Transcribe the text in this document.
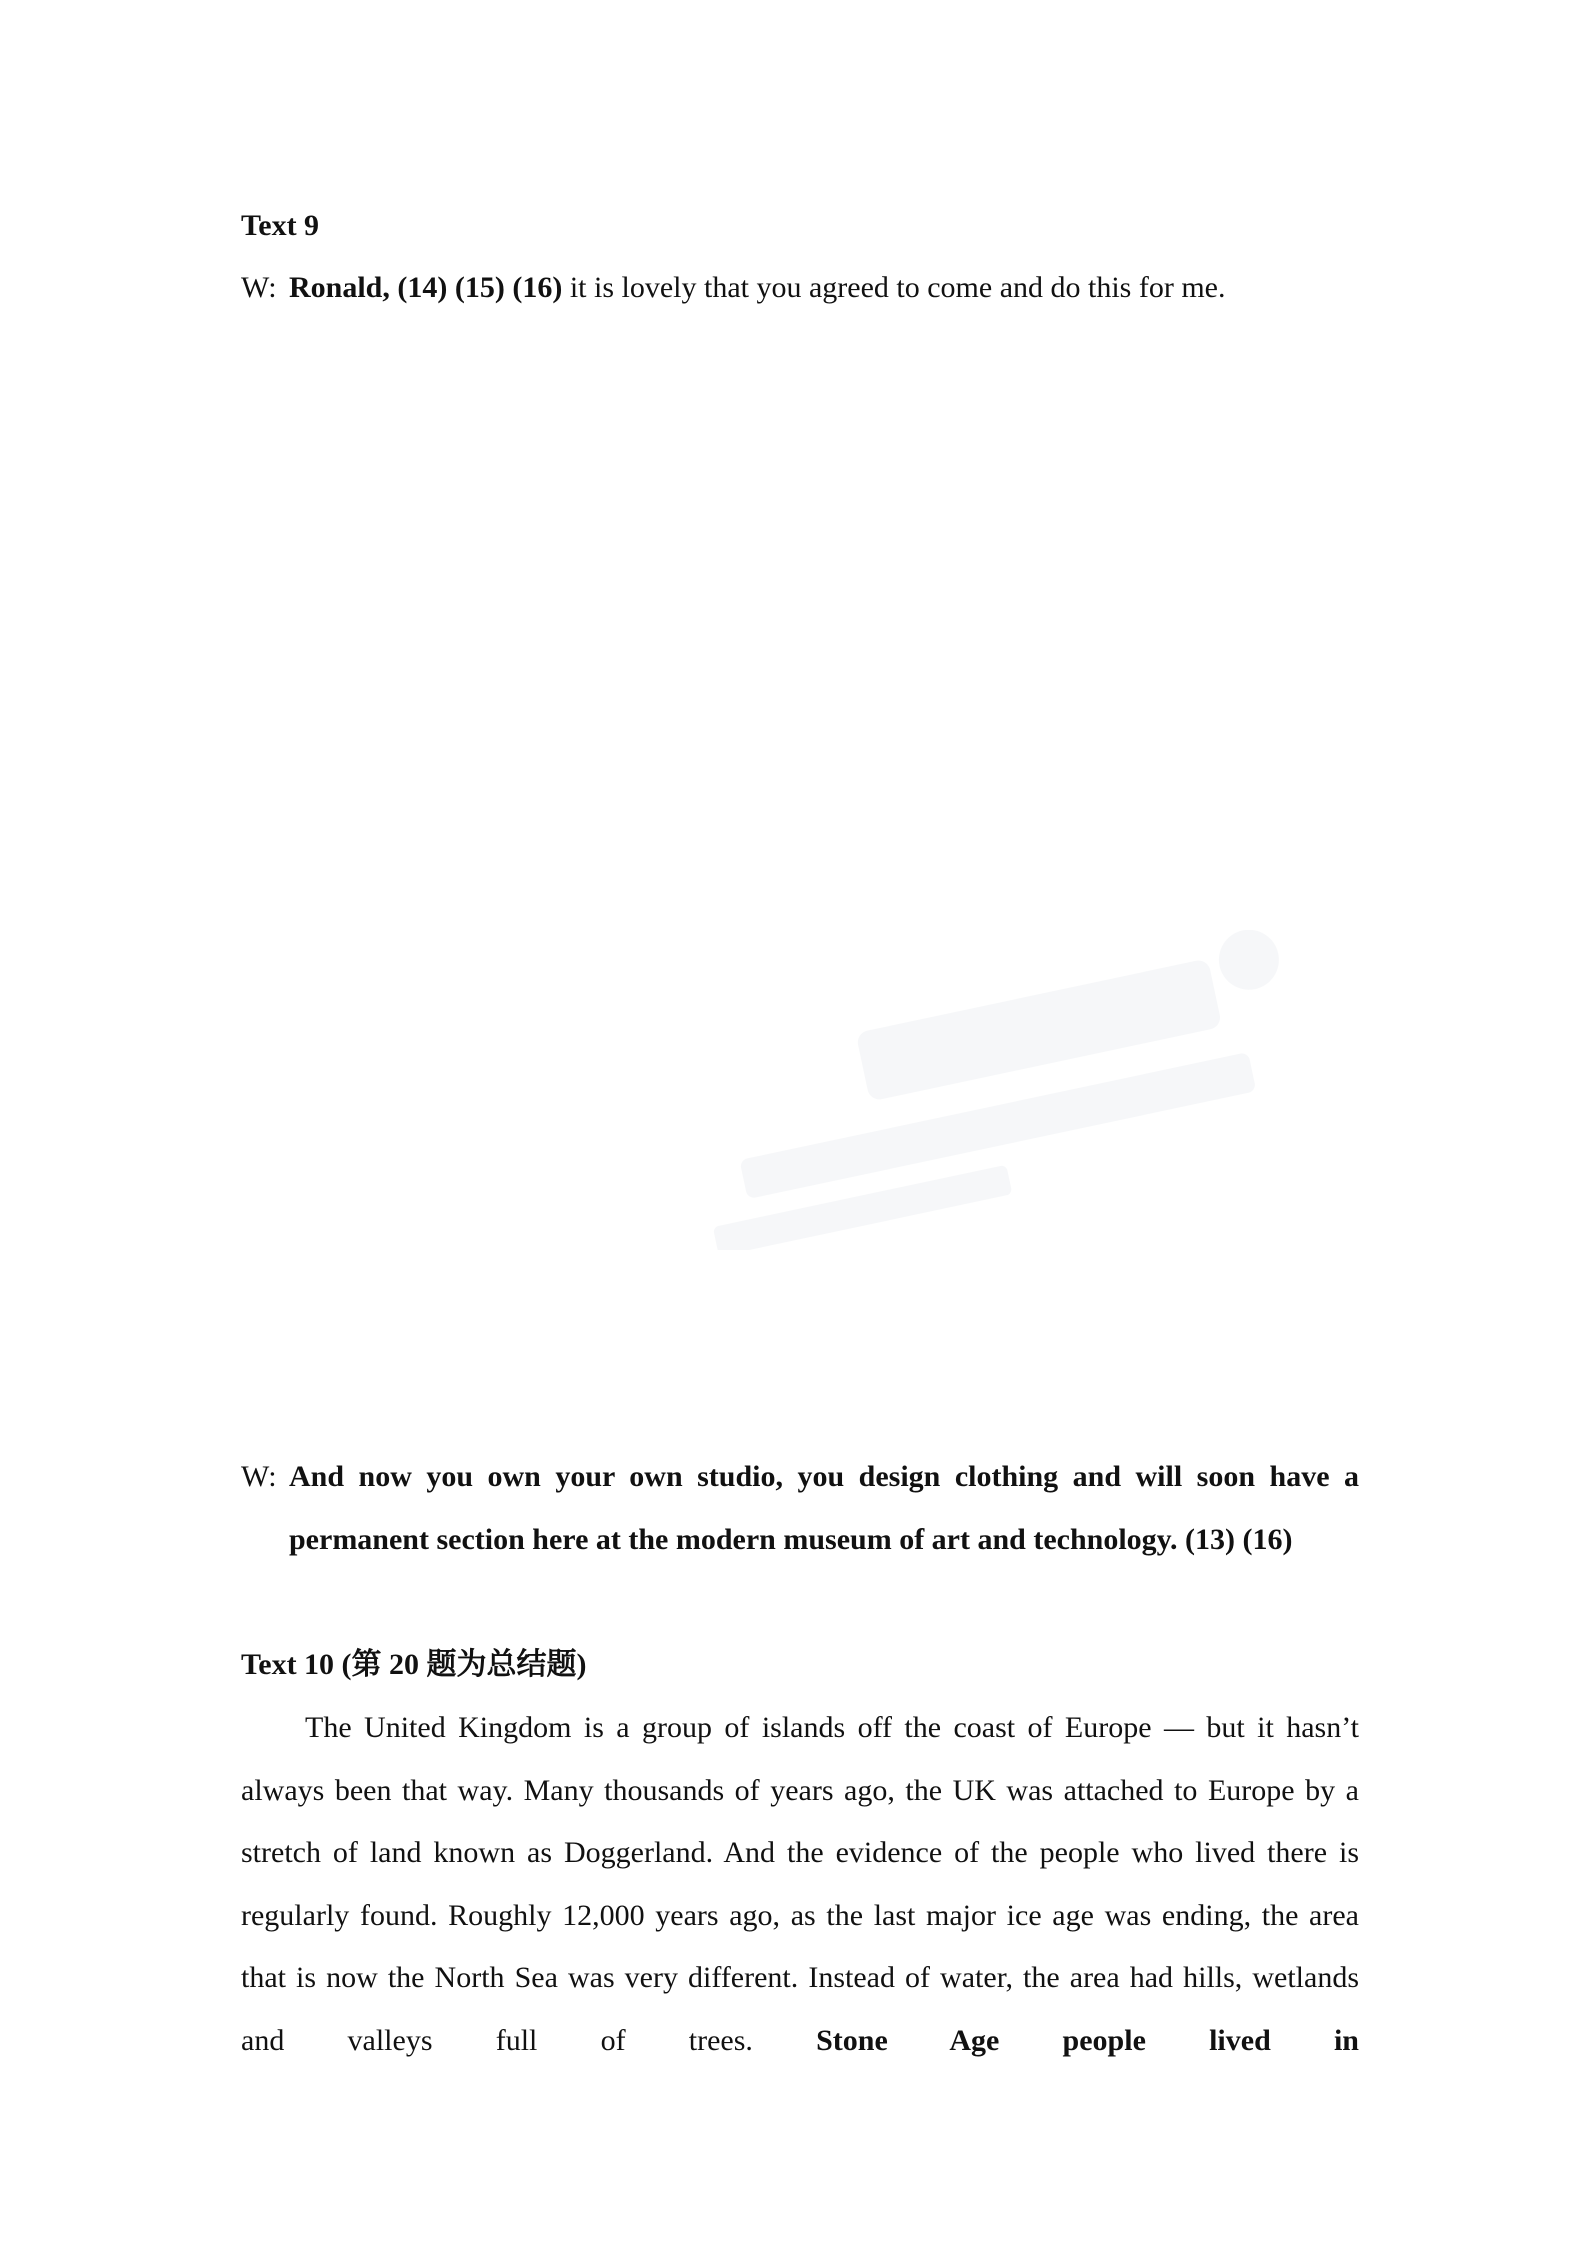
Text 9
W: Ronald, (14) (15) (16) it is lovely that you agreed to come and do this for me.
W: And now you own your own studio, you design clothing and will soon have a permanent section here at the modern museum of art and technology. (13) (16)
Text 10 (第 20 题为总结题)
The United Kingdom is a group of islands off the coast of Europe — but it hasn’t always been that way. Many thousands of years ago, the UK was attached to Europe by a stretch of land known as Doggerland. And the evidence of the people who lived there is regularly found. Roughly 12,000 years ago, as the last major ice age was ending, the area that is now the North Sea was very different. Instead of water, the area had hills, wetlands and valleys full of trees. Stone Age people lived in
